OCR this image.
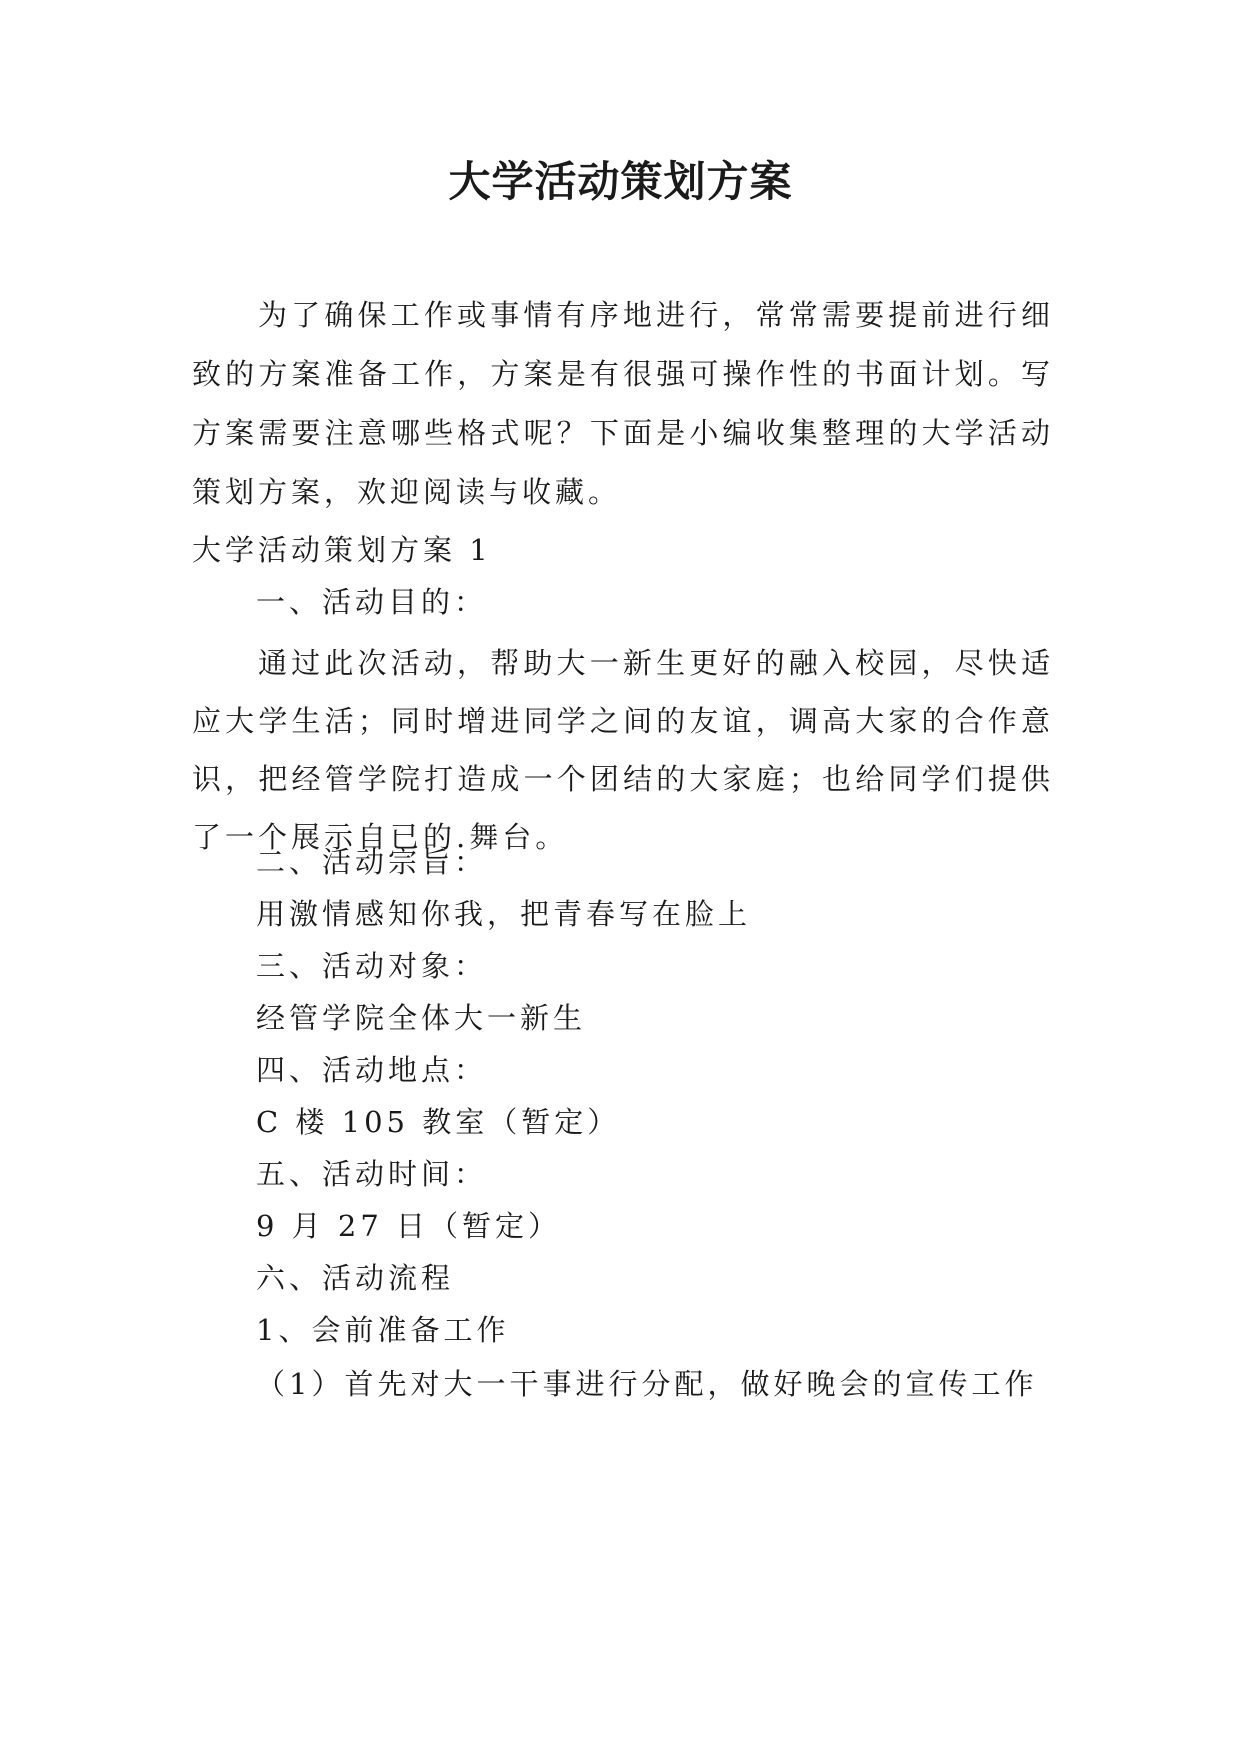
大学活动策划方案

为了确保工作或事情有序地进行，常常需要提前进行细致的方案准备工作，方案是有很强可操作性的书面计划。写方案需要注意哪些格式呢？下面是小编收集整理的大学活动策划方案，欢迎阅读与收藏。

大学活动策划方案 1

一、活动目的：

通过此次活动，帮助大一新生更好的融入校园，尽快适应大学生活；同时增进同学之间的友谊，调高大家的合作意识，把经管学院打造成一个团结的大家庭；也给同学们提供了一个展示自已的.舞台。

二、活动宗旨：

用激情感知你我，把青春写在脸上

三、活动对象：

经管学院全体大一新生

四、活动地点：

C 楼 105 教室（暂定）

五、活动时间：

9 月 27 日（暂定）

六、活动流程

1、会前准备工作

（1）首先对大一干事进行分配，做好晚会的宣传工作
